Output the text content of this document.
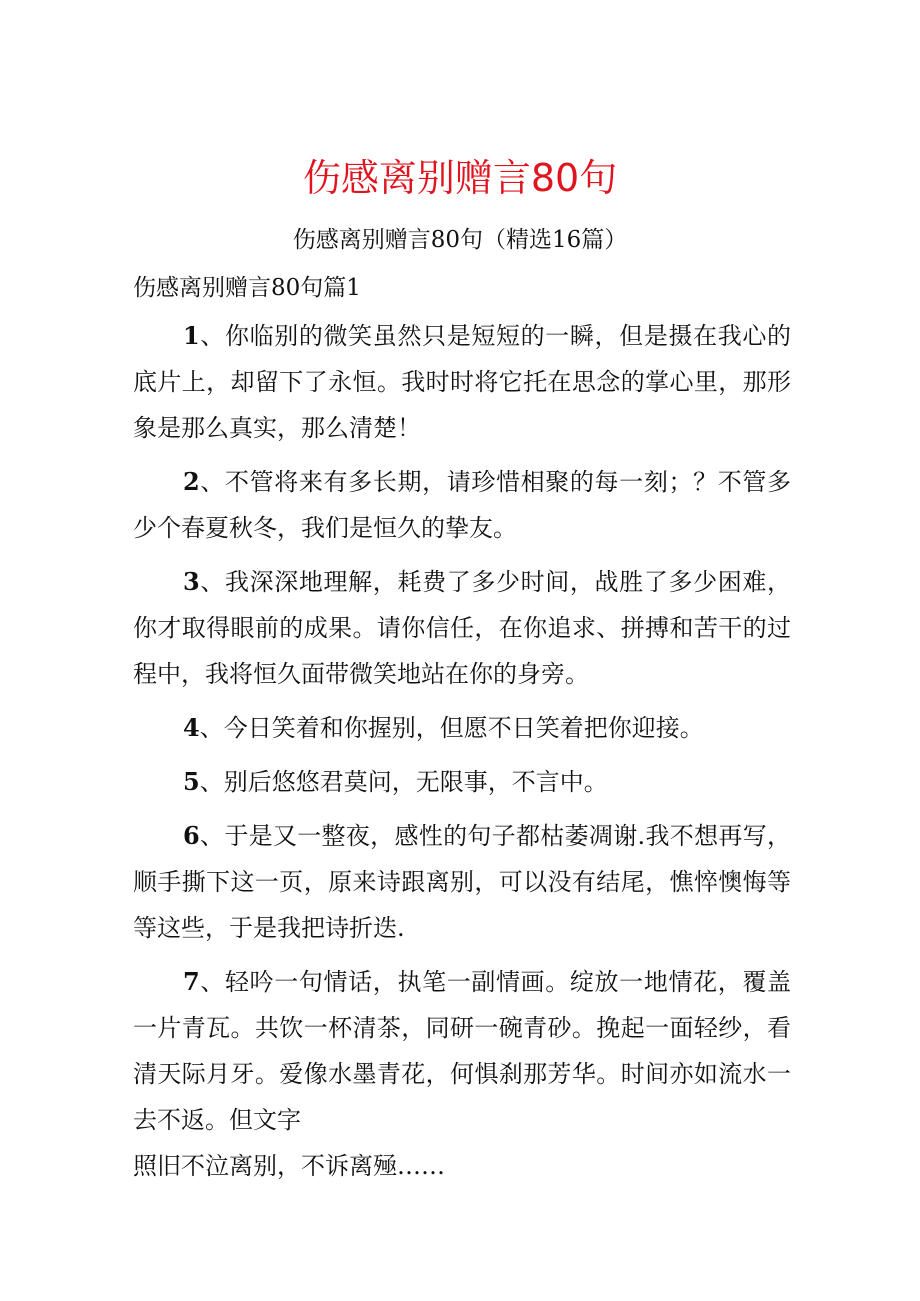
伤感离别赠言80句
伤感离别赠言80句（精选16篇）
伤感离别赠言80句篇1

1、你临别的微笑虽然只是短短的一瞬，但是摄在我心的底片上，却留下了永恒。我时时将它托在思念的掌心里，那形象是那么真实，那么清楚！

2、不管将来有多长期，请珍惜相聚的每一刻；？不管多少个春夏秋冬，我们是恒久的挚友。

3、我深深地理解，耗费了多少时间，战胜了多少困难，你才取得眼前的成果。请你信任，在你追求、拼搏和苦干的过程中，我将恒久面带微笑地站在你的身旁。

4、今日笑着和你握别，但愿不日笑着把你迎接。

5、别后悠悠君莫问，无限事，不言中。

6、于是又一整夜，感性的句子都枯萎凋谢.我不想再写，顺手撕下这一页，原来诗跟离别，可以没有结尾，憔悴懊悔等等这些，于是我把诗折迭.

7、轻吟一句情话，执笔一副情画。绽放一地情花，覆盖一片青瓦。共饮一杯清茶，同研一碗青砂。挽起一面轻纱，看清天际月牙。爱像水墨青花，何惧刹那芳华。时间亦如流水一去不返。但文字

照旧不泣离别，不诉离殛……
